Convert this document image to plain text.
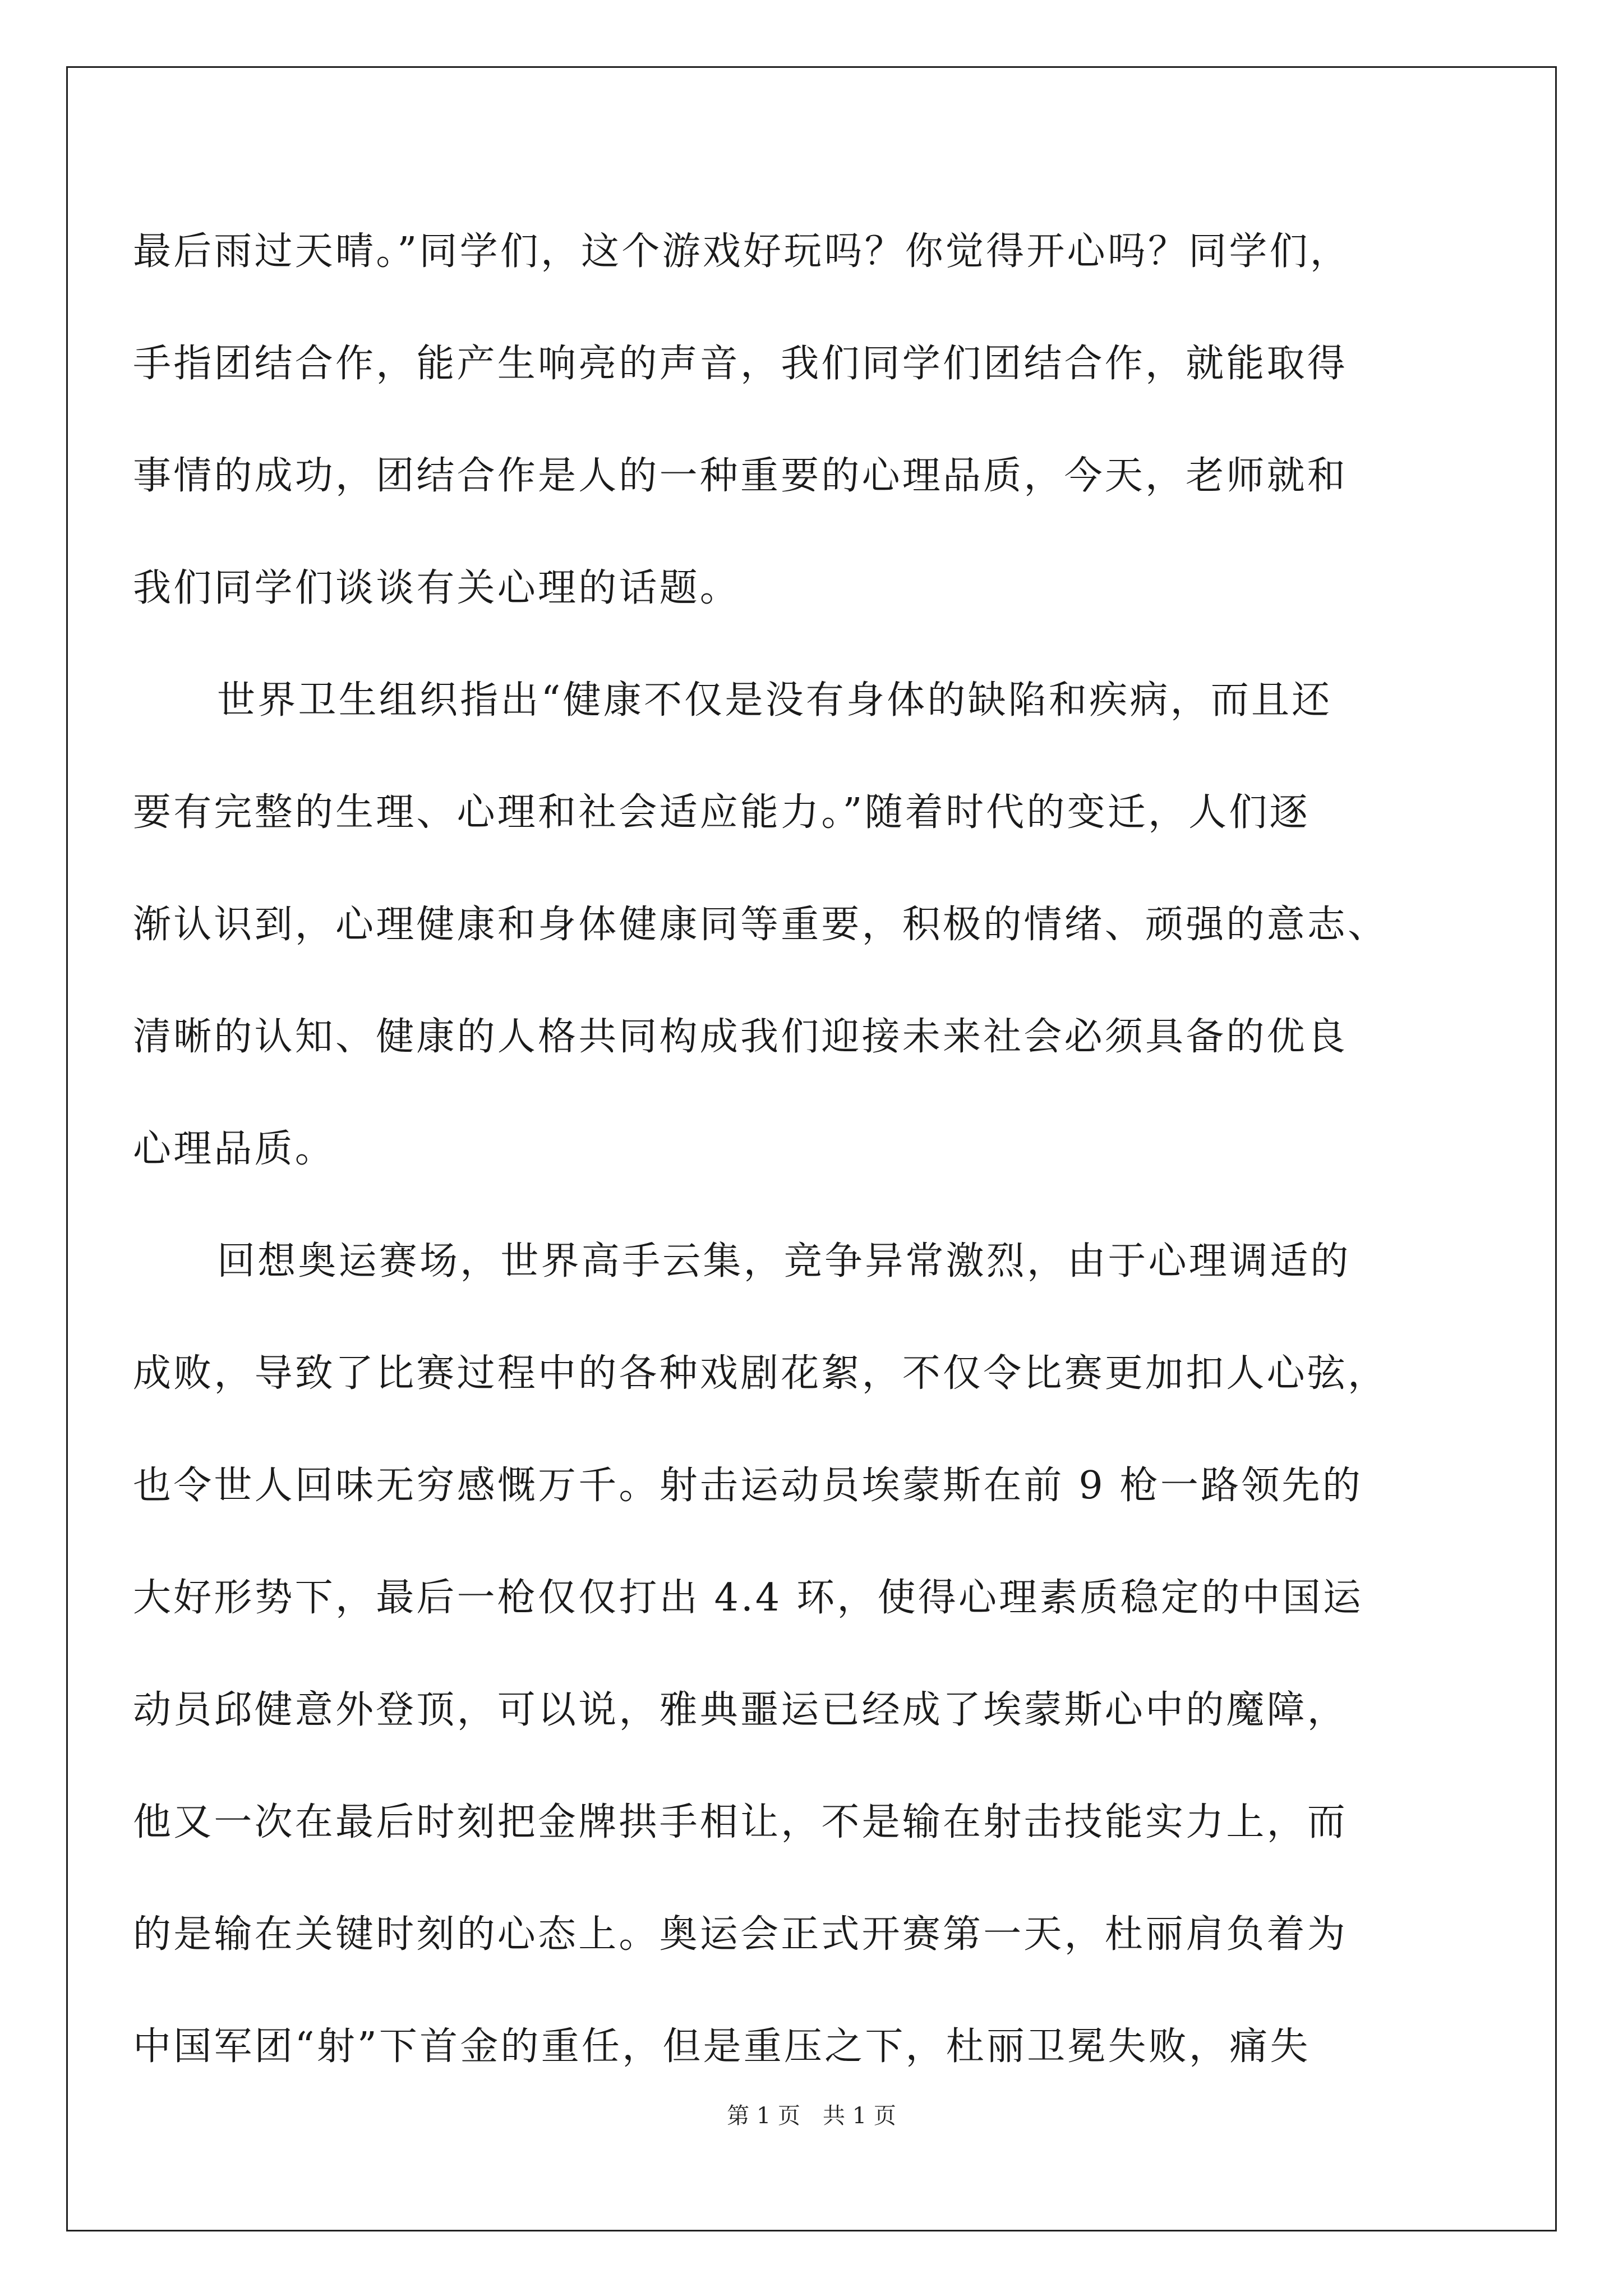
最后雨过天晴。”同学们，这个游戏好玩吗？你觉得开心吗？同学们，
手指团结合作，能产生响亮的声音，我们同学们团结合作，就能取得
事情的成功，团结合作是人的一种重要的心理品质，今天，老师就和
我们同学们谈谈有关心理的话题。
世界卫生组织指出“健康不仅是没有身体的缺陷和疾病，而且还
要有完整的生理、心理和社会适应能力。”随着时代的变迁，人们逐
渐认识到，心理健康和身体健康同等重要，积极的情绪、顽强的意志、
清晰的认知、健康的人格共同构成我们迎接未来社会必须具备的优良
心理品质。
回想奥运赛场，世界高手云集，竞争异常激烈，由于心理调适的
成败，导致了比赛过程中的各种戏剧花絮，不仅令比赛更加扣人心弦，
也令世人回味无穷感慨万千。射击运动员埃蒙斯在前 9 枪一路领先的
大好形势下，最后一枪仅仅打出 4.4 环，使得心理素质稳定的中国运
动员邱健意外登顶，可以说，雅典噩运已经成了埃蒙斯心中的魔障，
他又一次在最后时刻把金牌拱手相让，不是输在射击技能实力上，而
的是输在关键时刻的心态上。奥运会正式开赛第一天，杜丽肩负着为
中国军团“射”下首金的重任，但是重压之下，杜丽卫冕失败，痛失
第 1 页　共 1 页
